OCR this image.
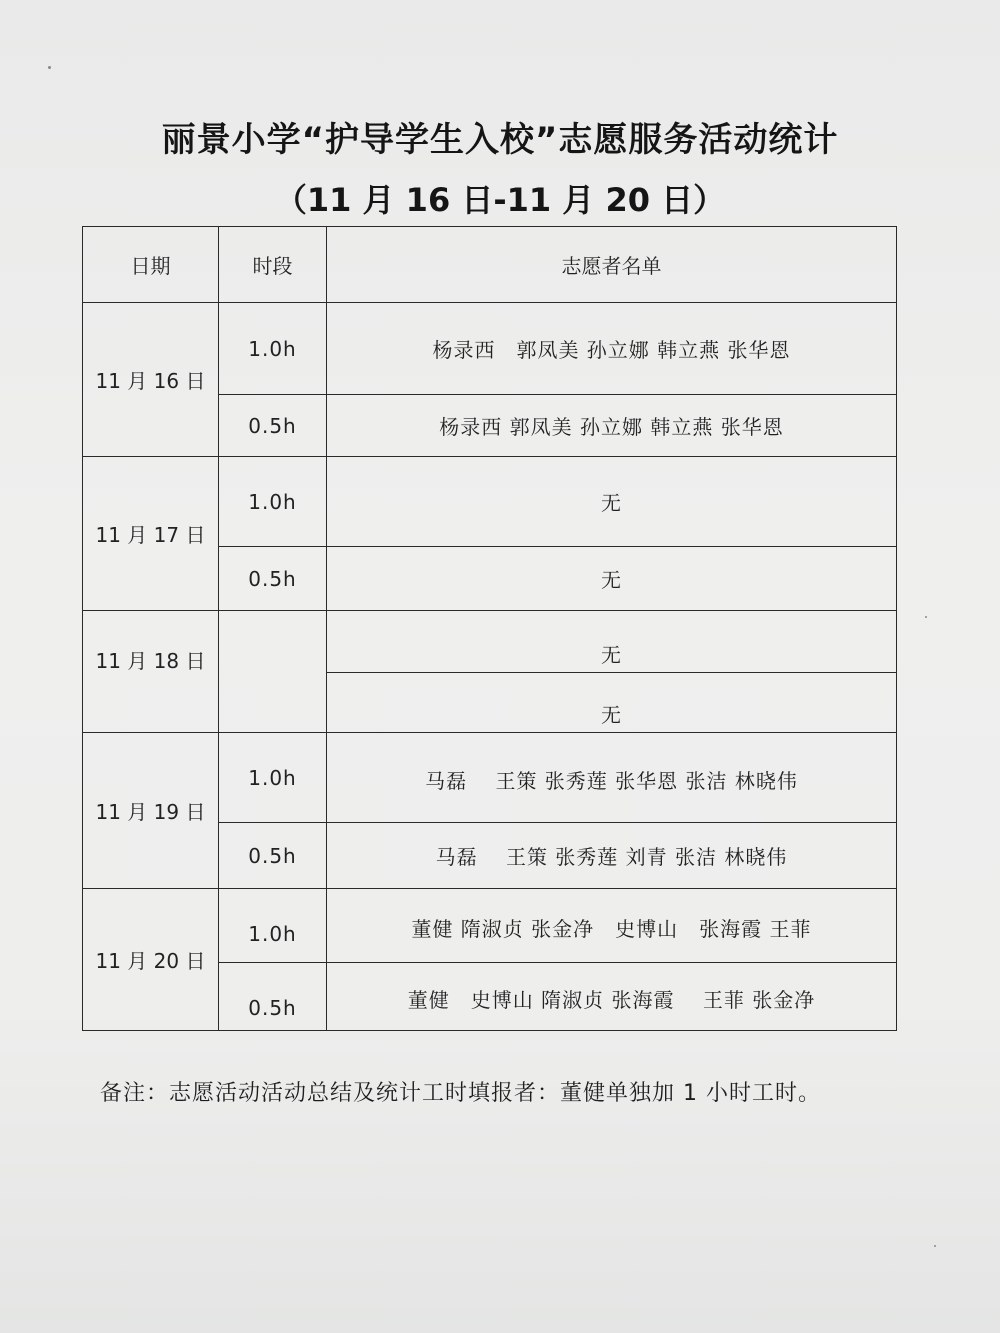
丽景小学“护导学生入校”志愿服务活动统计
（11 月 16 日-11 月 20 日）
日期	时段	志愿者名单
11 月 16 日	1.0h	杨录西　郭凤美 孙立娜 韩立燕 张华恩
	0.5h	杨录西 郭凤美 孙立娜 韩立燕 张华恩
11 月 17 日	1.0h	无
	0.5h	无
11 月 18 日		无
		无
11 月 19 日	1.0h	马磊　 王策 张秀莲 张华恩 张洁 林晓伟
	0.5h	马磊　 王策 张秀莲 刘青 张洁 林晓伟
11 月 20 日	1.0h	董健 隋淑贞 张金净　史博山　张海霞 王菲
	0.5h	董健　史博山 隋淑贞 张海霞　 王菲 张金净
备注：志愿活动活动总结及统计工时填报者：董健单独加 1 小时工时。
